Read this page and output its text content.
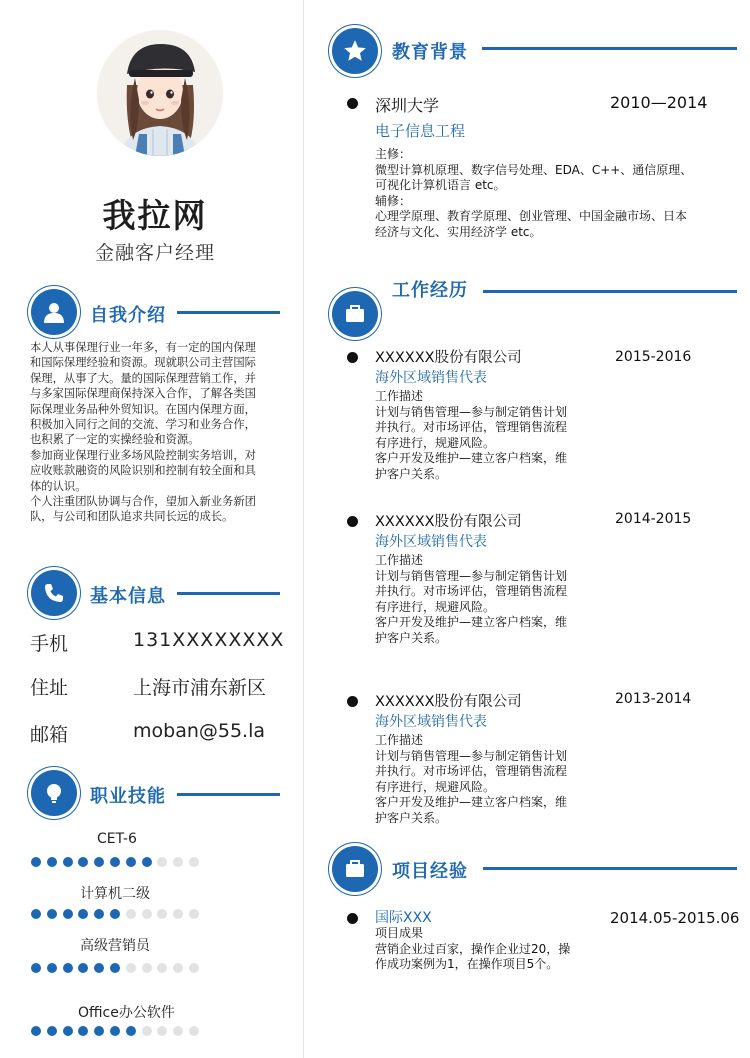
我拉网
金融客户经理
自我介绍

本人从事保理行业一年多，有一定的国内保理和国际保理经验和资源。现就职公司主营国际保理，从事了大。量的国际保理营销工作，并与多家国际保理商保持深入合作，了解各类国际保理业务品种外贸知识。在国内保理方面，积极加入同行之间的交流、学习和业务合作，也积累了一定的实操经验和资源。

参加商业保理行业多场风险控制实务培训，对应收账款融资的风险识别和控制有较全面和具体的认识。

个人注重团队协调与合作，望加入新业务新团队，与公司和团队追求共同长远的成长。

基本信息
手机	131XXXXXXXX
住址	上海市浦东新区
邮箱	moban@55.la
职业技能
CET-6
计算机二级
高级营销员
Office办公软件
教育背景
深圳大学	2010—2014
电子信息工程
主修：
微型计算机原理、数字信号处理、EDA、C++、通信原理、
可视化计算机语言 etc。
辅修：
心理学原理、教育学原理、创业管理、中国金融市场、日本
经济与文化、实用经济学 etc。
工作经历
XXXXXX股份有限公司	2015-2016
海外区域销售代表
工作描述
计划与销售管理—参与制定销售计划
并执行。对市场评估，管理销售流程
有序进行，规避风险。
客户开发及维护—建立客户档案，维
护客户关系。
XXXXXX股份有限公司	2014-2015
海外区域销售代表
工作描述
计划与销售管理—参与制定销售计划
并执行。对市场评估，管理销售流程
有序进行，规避风险。
客户开发及维护—建立客户档案，维
护客户关系。
XXXXXX股份有限公司	2013-2014
海外区域销售代表
工作描述
计划与销售管理—参与制定销售计划
并执行。对市场评估，管理销售流程
有序进行，规避风险。
客户开发及维护—建立客户档案，维
护客户关系。
项目经验
国际XXX	2014.05-2015.06
项目成果
营销企业过百家，操作企业过20，操
作成功案例为1，在操作项目5个。
